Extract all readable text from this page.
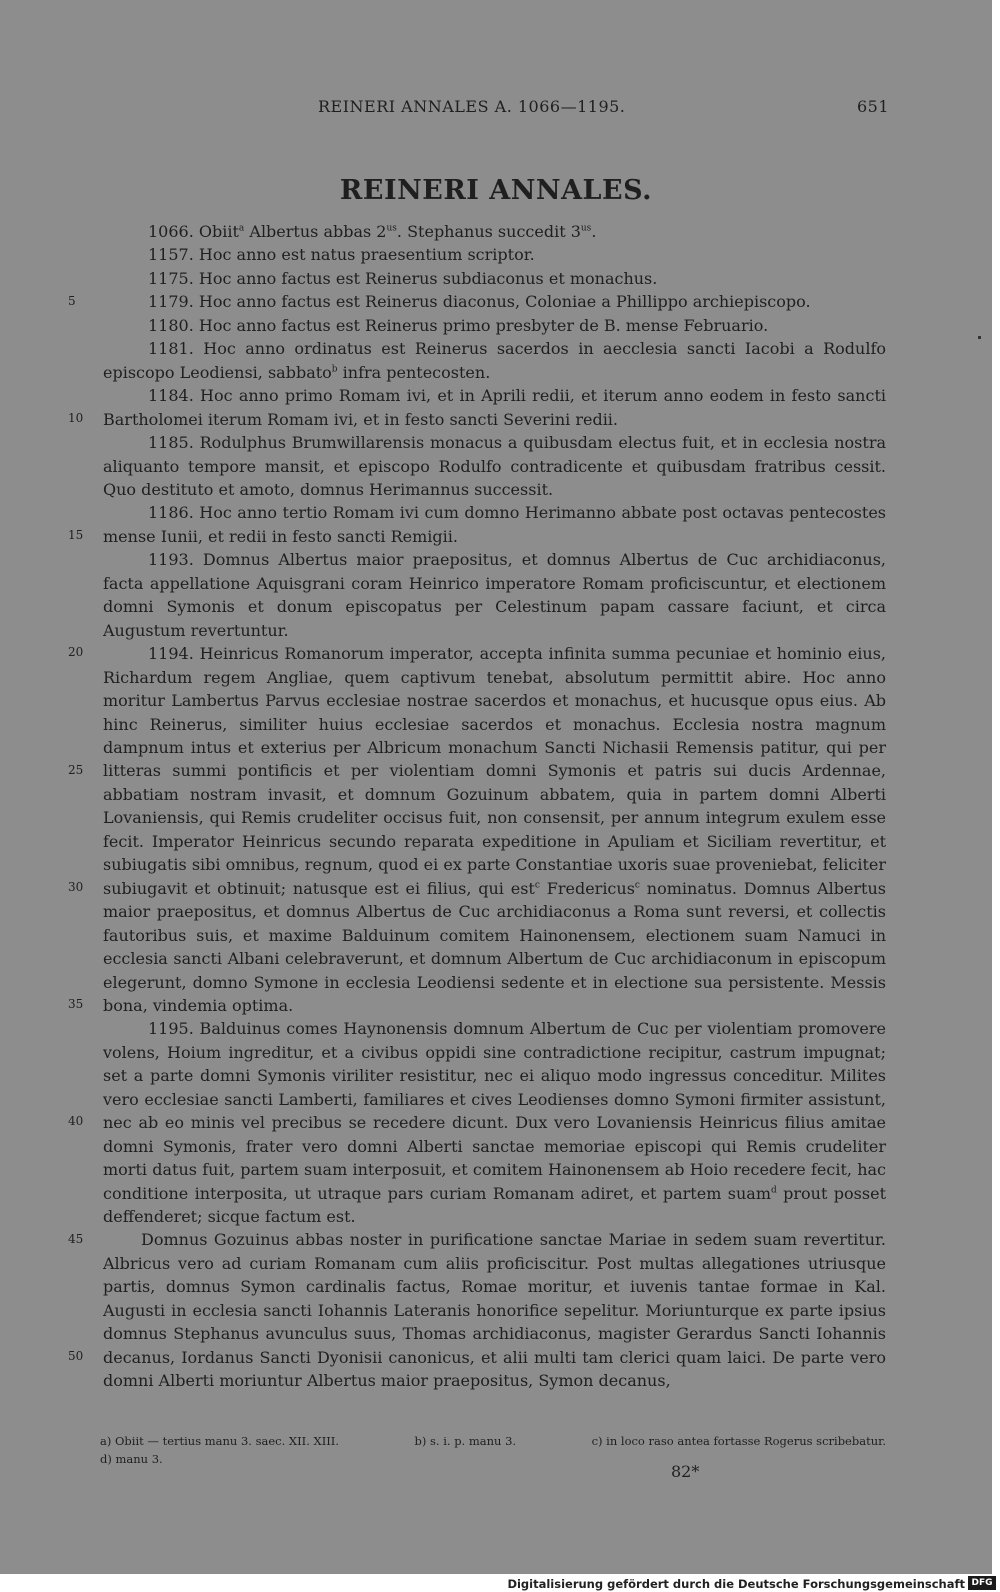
REINERI ANNALES A. 1066—1195.	651
REINERI ANNALES.
5
10
15
20
25
30
35
40
45
50

1066. Obiit$^a$ Albertus abbas $2^{us}$. Stephanus succedit $3^{us}$.

1157. Hoc anno est natus praesentium scriptor.

1175. Hoc anno factus est Reinerus subdiaconus et monachus.

1179. Hoc anno factus est Reinerus diaconus, Coloniae a Phillippo archiepiscopo.

1180. Hoc anno factus est Reinerus primo presbyter de B. mense Februario.

1181. Hoc anno ordinatus est Reinerus sacerdos in aecclesia sancti Iacobi a Rodulfo episcopo Leodiensi, sabbato$^b$ infra pentecosten.

1184. Hoc anno primo Romam ivi, et in Aprili redii, et iterum anno eodem in festo sancti Bartholomei iterum Romam ivi, et in festo sancti Severini redii.

1185. Rodulphus Brumwillarensis monacus a quibusdam electus fuit, et in ecclesia nostra aliquanto tempore mansit, et episcopo Rodulfo contradicente et quibusdam fratribus cessit. Quo destituto et amoto, domnus Herimannus successit.

1186. Hoc anno tertio Romam ivi cum domno Herimanno abbate post octavas pentecostes mense Iunii, et redii in festo sancti Remigii.

1193. Domnus Albertus maior praepositus, et domnus Albertus de Cuc archidiaconus, facta appellatione Aquisgrani coram Heinrico imperatore Romam proficiscuntur, et electionem domni Symonis et donum episcopatus per Celestinum papam cassare faciunt, et circa Augustum revertuntur.

1194. Heinricus Romanorum imperator, accepta infinita summa pecuniae et hominio eius, Richardum regem Angliae, quem captivum tenebat, absolutum permittit abire. Hoc anno moritur Lambertus Parvus ecclesiae nostrae sacerdos et monachus, et hucusque opus eius. Ab hinc Reinerus, similiter huius ecclesiae sacerdos et monachus. Ecclesia nostra magnum dampnum intus et exterius per Albricum monachum Sancti Nichasii Remensis patitur, qui per litteras summi pontificis et per violentiam domni Symonis et patris sui ducis Ardennae, abbatiam nostram invasit, et domnum Gozuinum abbatem, quia in partem domni Alberti Lovaniensis, qui Remis crudeliter occisus fuit, non consensit, per annum integrum exulem esse fecit. Imperator Heinricus secundo reparata expeditione in Apuliam et Siciliam revertitur, et subiugatis sibi omnibus, regnum, quod ei ex parte Constantiae uxoris suae proveniebat, feliciter subiugavit et obtinuit; natusque est ei filius, qui est$^c$ Fredericus$^c$ nominatus. Domnus Albertus maior praepositus, et domnus Albertus de Cuc archidiaconus a Roma sunt reversi, et collectis fautoribus suis, et maxime Balduinum comitem Hainonensem, electionem suam Namuci in ecclesia sancti Albani celebraverunt, et domnum Albertum de Cuc archidiaconum in episcopum elegerunt, domno Symone in ecclesia Leodiensi sedente et in electione sua persistente. Messis bona, vindemia optima.

1195. Balduinus comes Haynonensis domnum Albertum de Cuc per violentiam promovere volens, Hoium ingreditur, et a civibus oppidi sine contradictione recipitur, castrum impugnat; set a parte domni Symonis viriliter resistitur, nec ei aliquo modo ingressus conceditur. Milites vero ecclesiae sancti Lamberti, familiares et cives Leodienses domno Symoni firmiter assistunt, nec ab eo minis vel precibus se recedere dicunt. Dux vero Lovaniensis Heinricus filius amitae domni Symonis, frater vero domni Alberti sanctae memoriae episcopi qui Remis crudeliter morti datus fuit, partem suam interposuit, et comitem Hainonensem ab Hoio recedere fecit, hac conditione interposita, ut utraque pars curiam Romanam adiret, et partem suam$^d$ prout posset deffenderet; sicque factum est.

Domnus Gozuinus abbas noster in purificatione sanctae Mariae in sedem suam revertitur. Albricus vero ad curiam Romanam cum aliis proficiscitur. Post multas allegationes utriusque partis, domnus Symon cardinalis factus, Romae moritur, et iuvenis tantae formae in Kal. Augusti in ecclesia sancti Iohannis Lateranis honorifice sepelitur. Moriunturque ex parte ipsius domnus Stephanus avunculus suus, Thomas archidiaconus, magister Gerardus Sancti Iohannis decanus, Iordanus Sancti Dyonisii canonicus, et alii multi tam clerici quam laici. De parte vero domni Alberti moriuntur Albertus maior praepositus, Symon decanus,

a) Obiit — tertius manu 3. saec. XII. XIII.	b) s. i. p. manu 3.	c) in loco raso antea fortasse Rogerus scribebatur.
d) manu 3.
82*
Digitalisierung gefördert durch die Deutsche Forschungsgemeinschaft DFG
